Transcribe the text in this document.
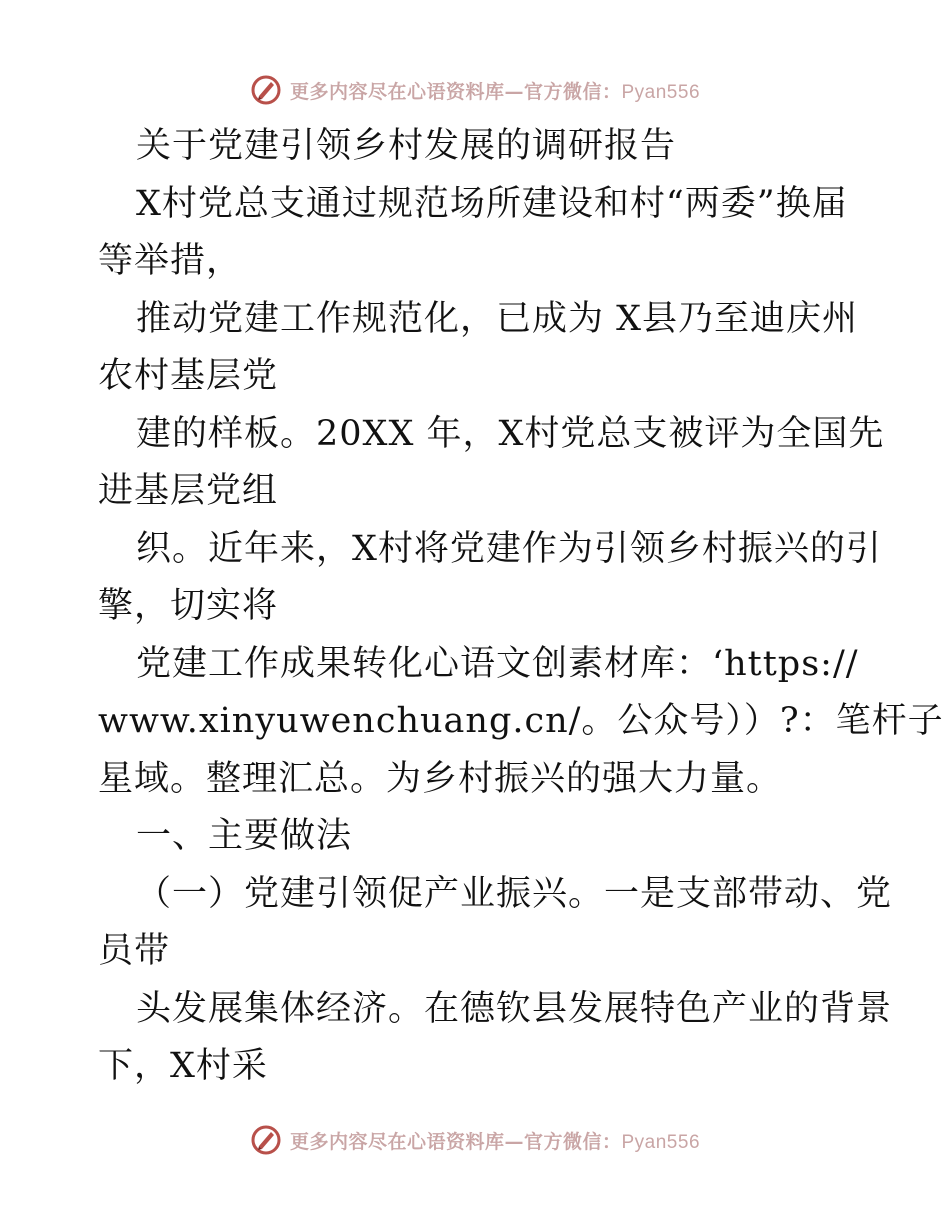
更多内容尽在心语资料库—官方微信：Pyan556
关于党建引领乡村发展的调研报告
X村党总支通过规范场所建设和村“两委”换届
等举措，
推动党建工作规范化，已成为 X县乃至迪庆州
农村基层党
建的样板。20XX 年，X村党总支被评为全国先
进基层党组
织。近年来，X村将党建作为引领乡村振兴的引
擎，切实将
党建工作成果转化心语文创素材库：‘https://
www.xinyuwenchuang.cn/。公众号））?：笔杆子
星域。整理汇总。为乡村振兴的强大力量。
一、主要做法
（一）党建引领促产业振兴。一是支部带动、党
员带
头发展集体经济。在德钦县发展特色产业的背景
下，X村采
更多内容尽在心语资料库—官方微信：Pyan556
